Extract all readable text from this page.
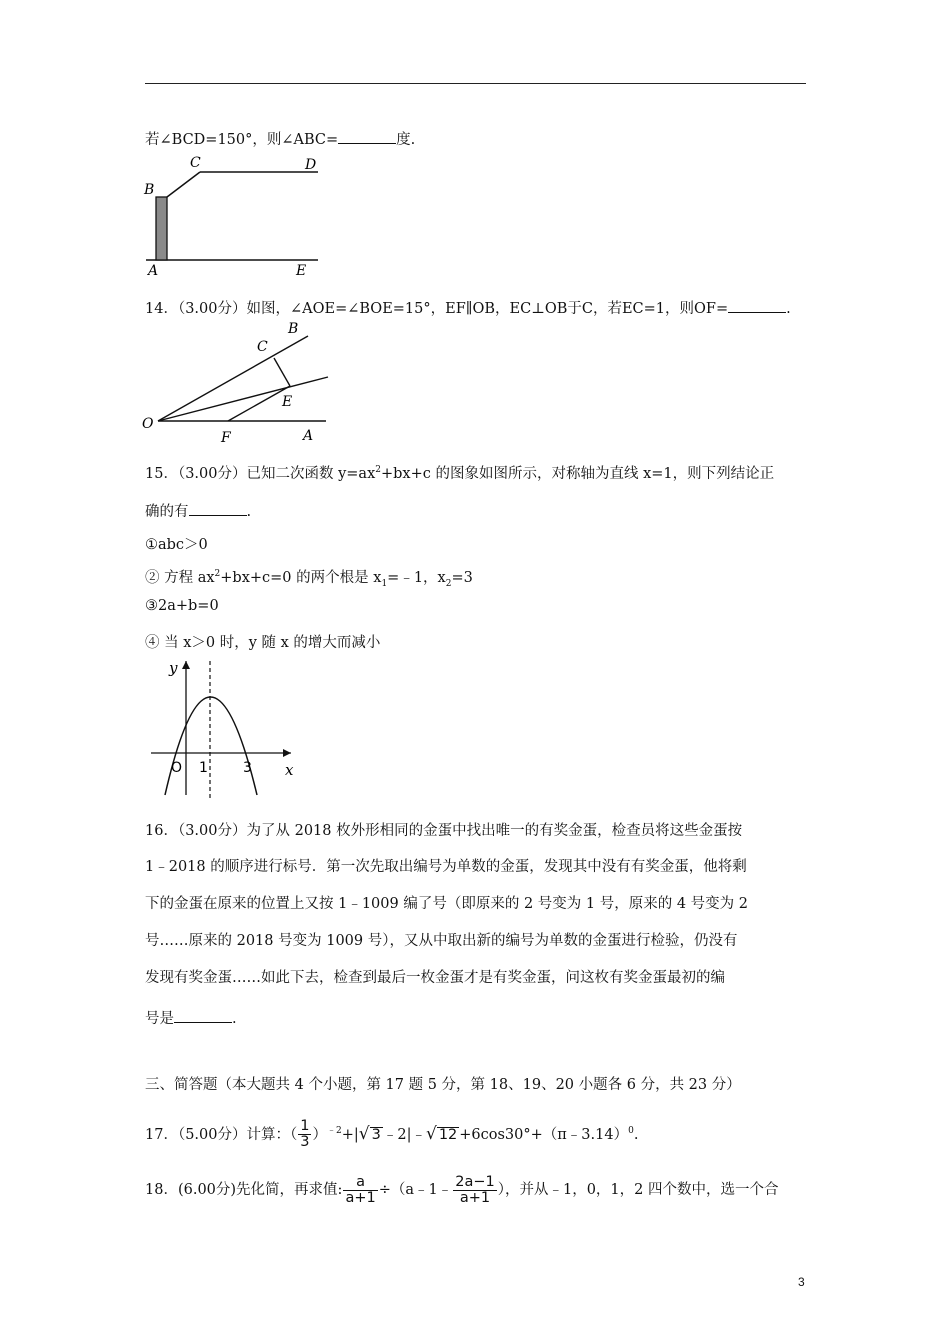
若∠BCD=150°，则∠ABC=	度.
B
C	D
A	E
14．（3.00分）如图，∠AOE=∠BOE=15°，EF∥OB，EC⊥OB于C，若EC=1，则OF=	.
O
B
C
E
F	A
15．（3.00分）已知二次函数 $y=ax^2+bx+c$ 的图象如图所示，对称轴为直线 x=1，则下列结论正
确的有	.
①abc＞0
② 方程 $ax^2+bx+c=0$ 的两个根是 $x_1=﹣1$，$x_2=3$
③2a+b=0
④ 当 x＞0 时，y 随 x 的增大而减小
y
x
O 1	3
16．（3.00分）为了从 2018 枚外形相同的金蛋中找出唯一的有奖金蛋，检查员将这些金蛋按
1﹣2018 的顺序进行标号．第一次先取出编号为单数的金蛋，发现其中没有有奖金蛋，他将剩
下的金蛋在原来的位置上又按 1﹣1009 编了号（即原来的 2 号变为 1 号，原来的 4 号变为 2
号……原来的 2018 号变为 1009 号），又从中取出新的编号为单数的金蛋进行检验，仍没有
发现有奖金蛋……如此下去，检查到最后一枚金蛋才是有奖金蛋，问这枚有奖金蛋最初的编
号是	.
三、简答题（本大题共 4 个小题，第 17 题 5 分，第 18、19、20 小题各 6 分，共 23 分）
17．（5.00分）计算：（ $\frac{1}{3} )^{﹣2}+|√$ 3 ﹣2|﹣√ 12 +6cos30°+（π﹣3.14）$^0$.
18．(6.00分)先化简，再求值: $\frac{a}{a+1}$ ÷（a﹣1﹣ $\frac{2a-1}{a+1}$ ），并从﹣1，0，1，2 四个数中，选一个合
3
